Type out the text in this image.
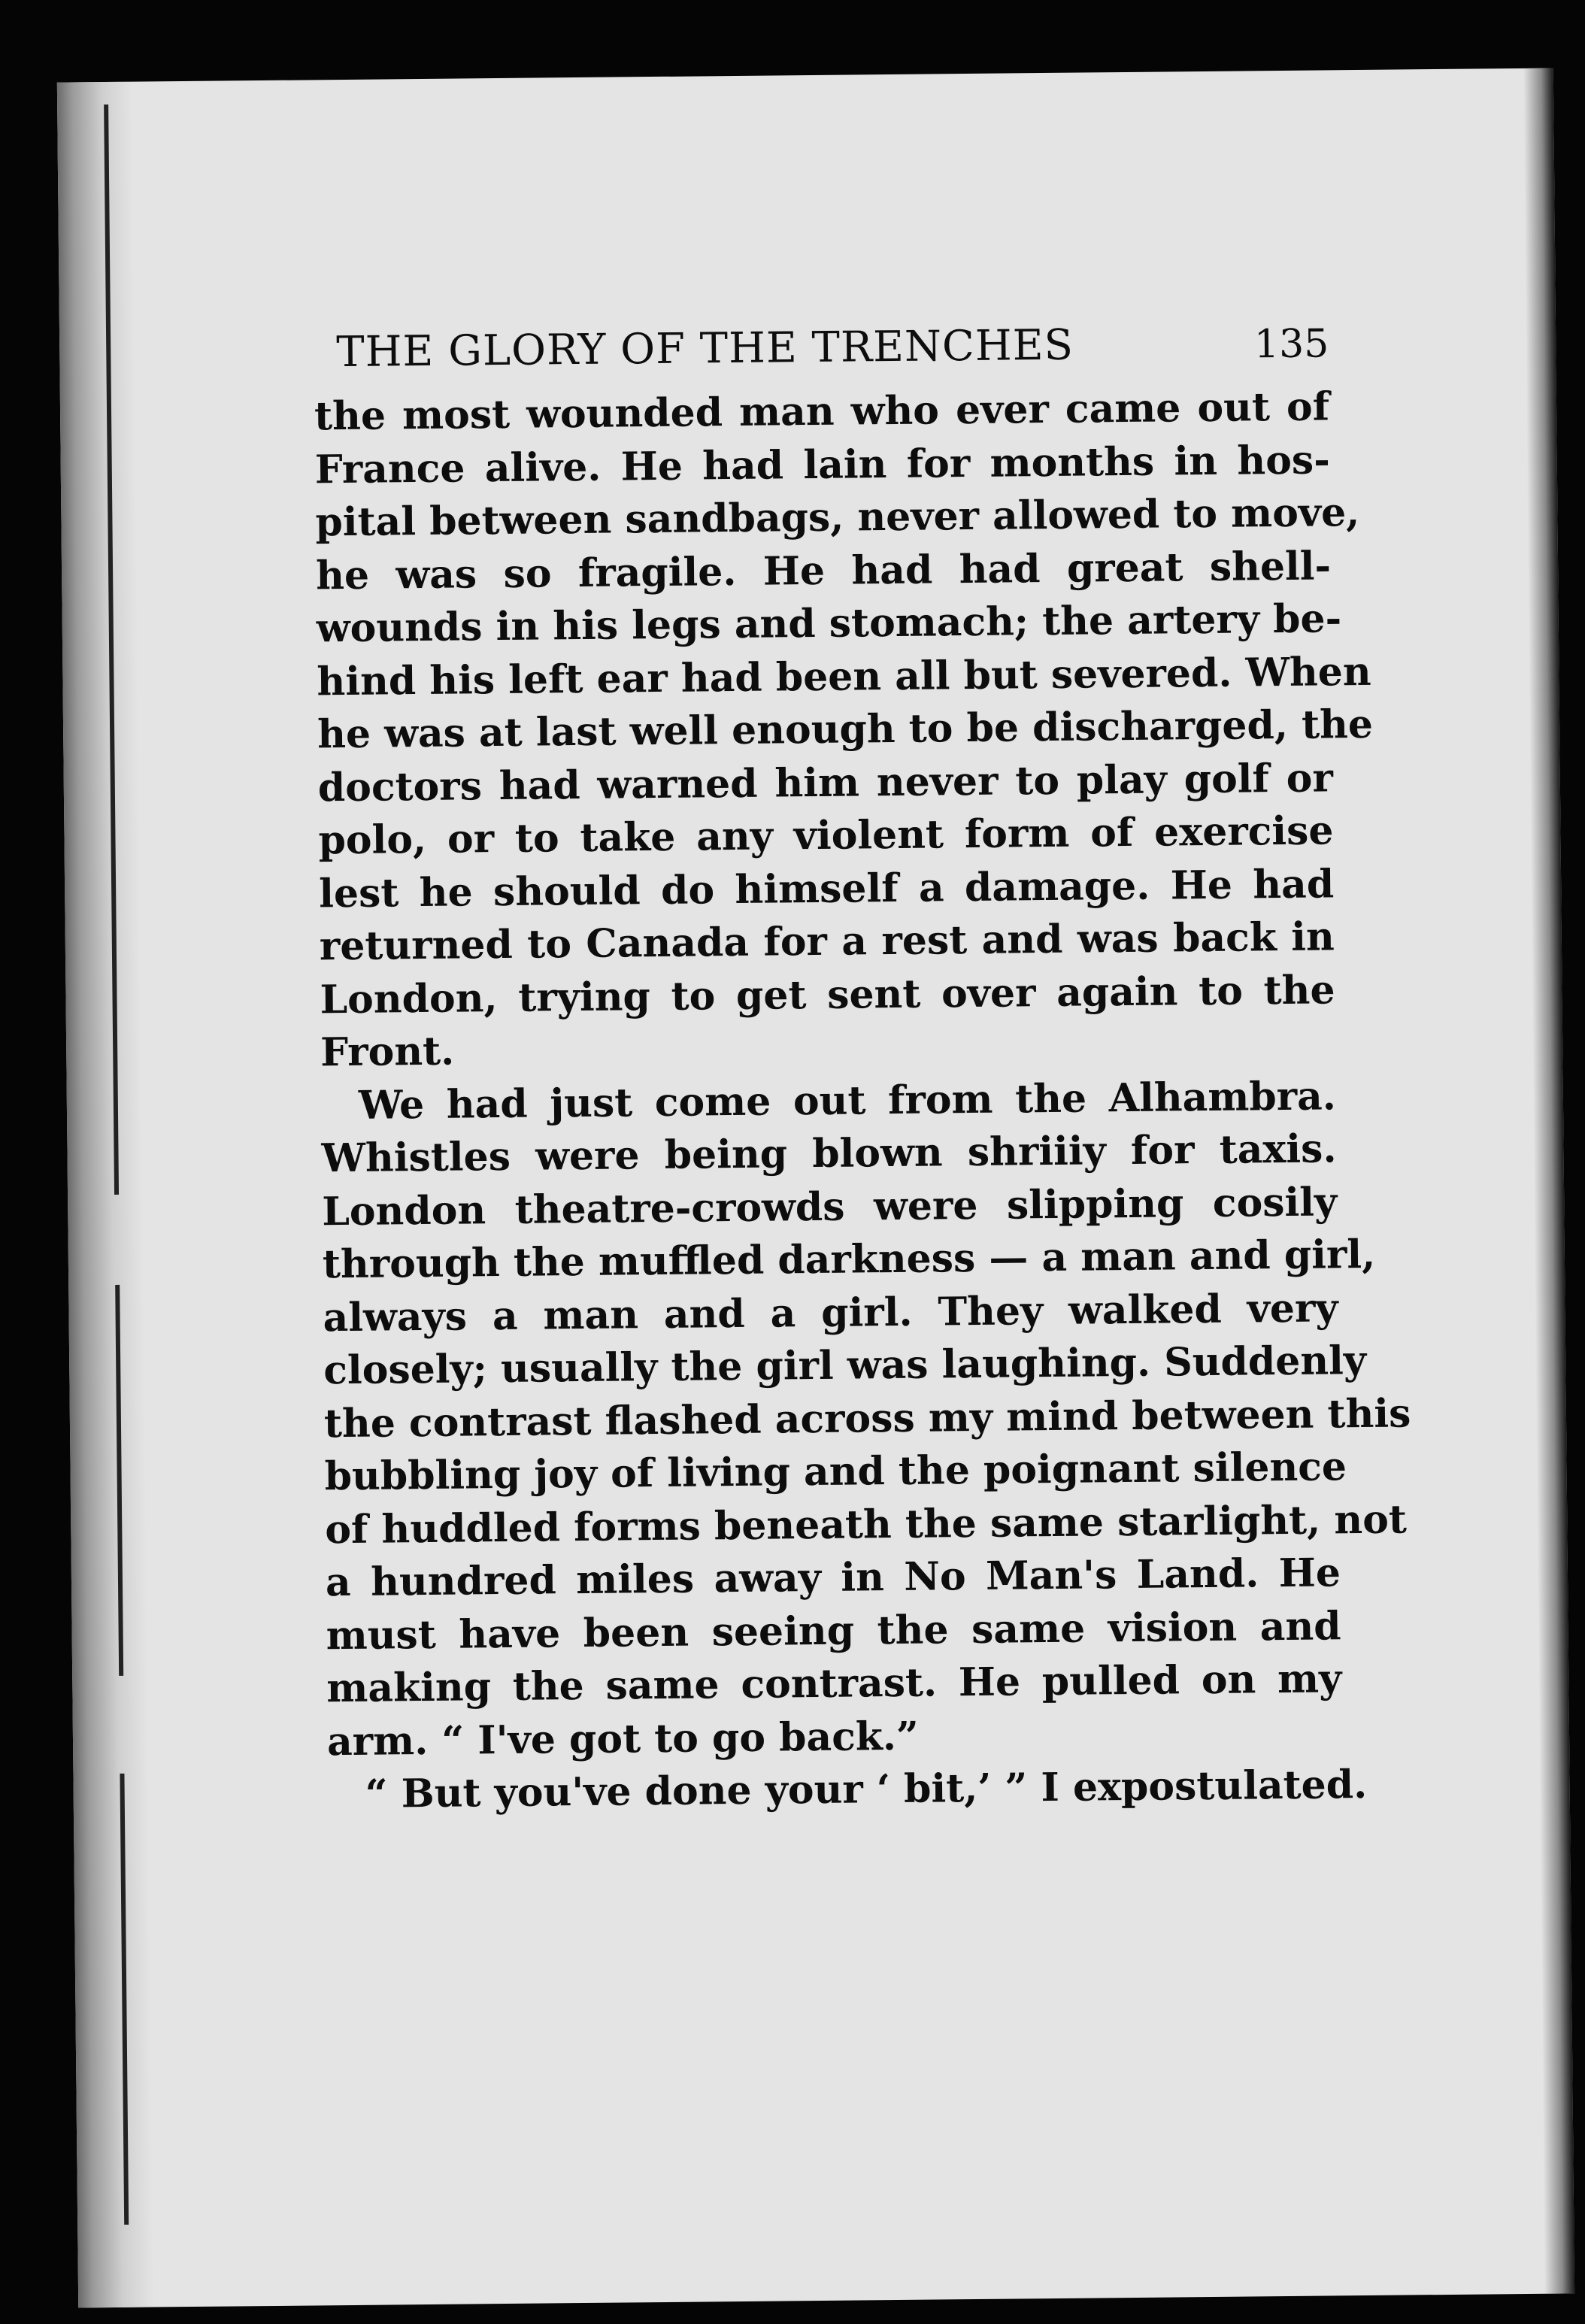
THE GLORY OF THE TRENCHES	135
the most wounded man who ever came out of
France alive. He had lain for months in hos-
pital between sandbags, never allowed to move,
he was so fragile. He had had great shell-
wounds in his legs and stomach; the artery be-
hind his left ear had been all but severed. When
he was at last well enough to be discharged, the
doctors had warned him never to play golf or
polo, or to take any violent form of exercise
lest he should do himself a damage. He had
returned to Canada for a rest and was back in
London, trying to get sent over again to the
Front.
We had just come out from the Alhambra.
Whistles were being blown shriiiy for taxis.
London theatre-crowds were slipping cosily
through the muffled darkness — a man and girl,
always a man and a girl. They walked very
closely; usually the girl was laughing. Suddenly
the contrast flashed across my mind between this
bubbling joy of living and the poignant silence
of huddled forms beneath the same starlight, not
a hundred miles away in No Man's Land. He
must have been seeing the same vision and
making the same contrast. He pulled on my
arm. “ I've got to go back.”
“ But you've done your ‘ bit,’ ” I expostulated.
